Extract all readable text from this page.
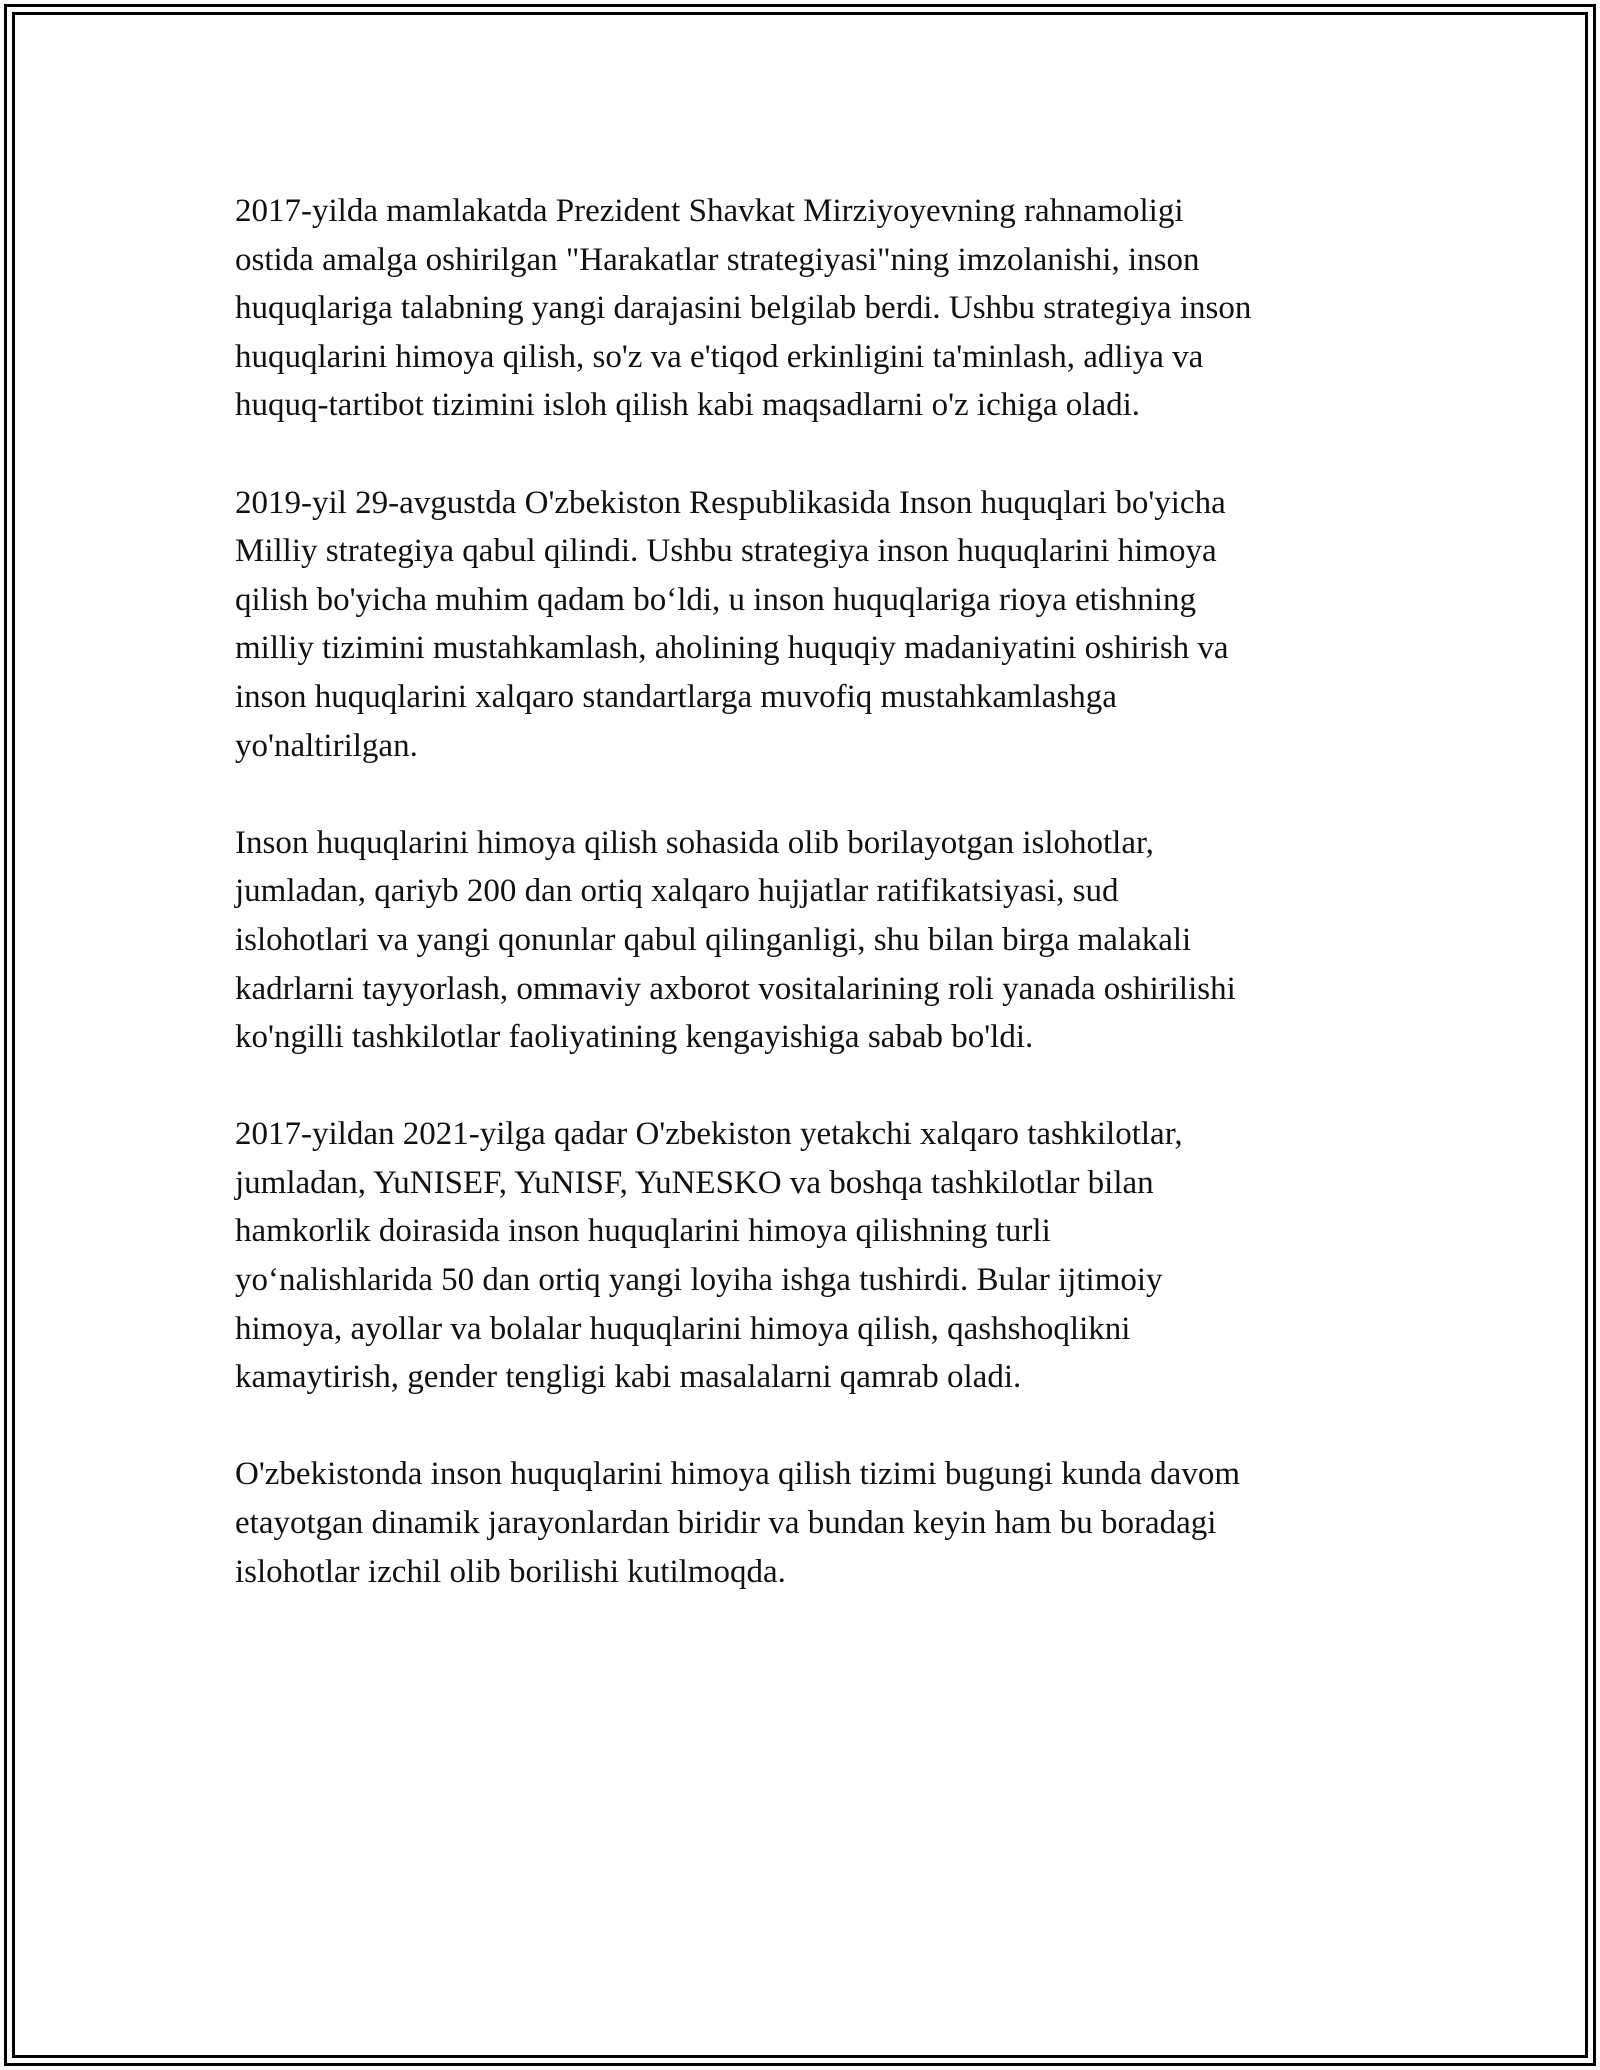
2017-yilda mamlakatda Prezident Shavkat Mirziyoyevning rahnamoligi
ostida amalga oshirilgan "Harakatlar strategiyasi"ning imzolanishi, inson
huquqlariga talabning yangi darajasini belgilab berdi. Ushbu strategiya inson
huquqlarini himoya qilish, so'z va e'tiqod erkinligini ta'minlash, adliya va
huquq-tartibot tizimini isloh qilish kabi maqsadlarni o'z ichiga oladi.

2019-yil 29-avgustda O'zbekiston Respublikasida Inson huquqlari bo'yicha
Milliy strategiya qabul qilindi. Ushbu strategiya inson huquqlarini himoya
qilish bo'yicha muhim qadam boʻldi, u inson huquqlariga rioya etishning
milliy tizimini mustahkamlash, aholining huquqiy madaniyatini oshirish va
inson huquqlarini xalqaro standartlarga muvofiq mustahkamlashga
yo'naltirilgan.

Inson huquqlarini himoya qilish sohasida olib borilayotgan islohotlar,
jumladan, qariyb 200 dan ortiq xalqaro hujjatlar ratifikatsiyasi, sud
islohotlari va yangi qonunlar qabul qilinganligi, shu bilan birga malakali
kadrlarni tayyorlash, ommaviy axborot vositalarining roli yanada oshirilishi
ko'ngilli tashkilotlar faoliyatining kengayishiga sabab bo'ldi.

2017-yildan 2021-yilga qadar O'zbekiston yetakchi xalqaro tashkilotlar,
jumladan, YuNISEF, YuNISF, YuNESKO va boshqa tashkilotlar bilan
hamkorlik doirasida inson huquqlarini himoya qilishning turli
yoʻnalishlarida 50 dan ortiq yangi loyiha ishga tushirdi. Bular ijtimoiy
himoya, ayollar va bolalar huquqlarini himoya qilish, qashshoqlikni
kamaytirish, gender tengligi kabi masalalarni qamrab oladi.

O'zbekistonda inson huquqlarini himoya qilish tizimi bugungi kunda davom
etayotgan dinamik jarayonlardan biridir va bundan keyin ham bu boradagi
islohotlar izchil olib borilishi kutilmoqda.
